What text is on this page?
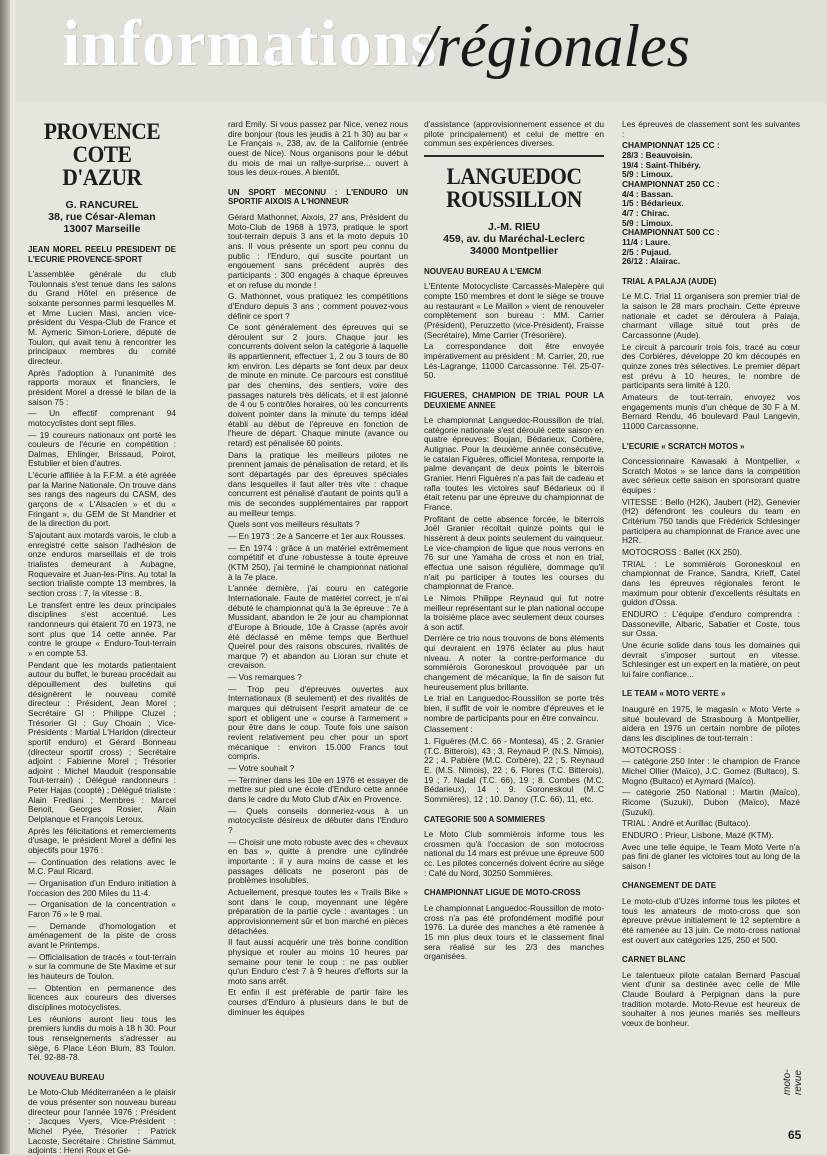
informations
/régionales
PROVENCE
COTE D'AZUR
G. RANCUREL
38, rue César-Aleman
13007 Marseille
JEAN MOREL REELU PRESIDENT DE L'ECURIE PROVENCE-SPORT

L'assemblée générale du club Toulonnais s'est tenue dans les salons du Grand Hôtel en présence de soixante personnes parmi lesquelles M. et Mme Lucien Masi, ancien vice-président du Vespa-Club de France et M. Aymeric Simon-Loriere, député de Toulon, qui avait tenu à rencontrer les principaux membres du comité directeur.

Après l'adoption à l'unanimité des rapports moraux et financiers, le président Morel a dressé le bilan de la saison 75 :

— Un effectif comprenant 94 motocyclistes dont sept filles.

— 19 coureurs nationaux ont porté les couleurs de l'écurie en compétition : Dalmas, Ehlinger, Brissaud, Poirot, Estublier et bien d'autres.

L'écurie affiliée à la F.F.M. a été agréée par la Marine Nationale. On trouve dans ses rangs des nageurs du CASM, des garçons de « L'Alsacien » et du « Fringant », du GEM de St Mandrier et de la direction du port.

S'ajoutant aux motards varois, le club a enregistré cette saison l'adhésion de onze enduros marseillais et de trois trialistes demeurant à Aubagne, Roquevaire et Juan-les-Pins. Au total la section trialiste compte 13 membres, la section cross : 7, la vitesse : 8.

Le transfert entre les deux principales disciplines s'est accentué. Les randonneurs qui étaient 70 en 1973, ne sont plus que 14 cette année. Par contre le groupe « Enduro-Tout-terrain » en compte 53.

Pendant que les motards patientaient autour du buffet, le bureau procédait au dépouillement des bulletins qui désignèrent le nouveau comité directeur : Président, Jean Morel ; Secrétaire GI : Philippe Cluzel ; Trésorier GI : Guy Choain ; Vice-Présidents : Martial L'Haridon (directeur sportif enduro) et Gérard Bonneau (directeur sportif cross) ; Secrétaire adjoint : Fabienne Morel ; Trésorier adjoint : Michel Mauduit (responsable Tout-terrain) ; Délégué randonneurs : Peter Hajas (coopté) ; Délégué trialiste : Alain Fredlani ; Membres : Marcel Benoit, Georges Rosier, Alain Delplanque et François Leroux.

Après les félicitations et remerciements d'usage, le président Morel a défini les objectifs pour 1976 :

— Continuation des relations avec le M.C. Paul Ricard.

— Organisation d'un Enduro initiation à l'occasion des 200 Miles du 11-4.

— Organisation de la concentration « Faron 76 » le 9 mai.

— Demande d'homologation et aménagement de la piste de cross avant le Printemps.

— Officialisation de tracés « tout-terrain » sur la commune de Ste Maxime et sur les hauteurs de Toulon.

— Obtention en permanence des licences aux coureurs des diverses disciplines motocyclistes.

Les réunions auront lieu tous les premiers lundis du mois à 18 h 30. Pour tous renseignements s'adresser au siège, 6 Place Léon Blum, 83 Toulon. Tél. 92-88-78.

NOUVEAU BUREAU

Le Moto-Club Méditerranéen a le plaisir de vous présenter son nouveau bureau directeur pour l'année 1976 : Président : Jacques Vyers, Vice-Président : Michel Pyée, Trésorier : Patrick Lacoste, Secrétaire : Christine Sammut, adjoints : Henri Roux et Gé-

rard Emily. Si vous passez par Nice, venez nous dire bonjour (tous les jeudis à 21 h 30) au bar « Le Français », 238, av. de la Californie (entrée ouest de Nice). Nous organisons pour le début du mois de mai un rallye-surprise... ouvert à tous les deux-roues. A bientôt.

UN SPORT MECONNU : L'ENDURO UN SPORTIF AIXOIS A L'HONNEUR

Gérard Mathonnet, Aixois, 27 ans, Président du Moto-Club de 1968 à 1973, pratique le sport tout-terrain depuis 3 ans et la moto depuis 10 ans. Il vous présente un sport peu connu du public : l'Enduro, qui suscite pourtant un engouement sans précédent auprès des participants : 300 engagés à chaque épreuves et on refuse du monde !

G. Mathonnet, vous pratiquez les compétitions d'Enduro depuis 3 ans ; comment pouvez-vous définir ce sport ?

Ce sont généralement des épreuves qui se déroulent sur 2 jours. Chaque jour les concurrents doivent selon la catégorie à laquelle ils appartiennent, effectuer 1, 2 ou 3 tours de 80 km environ. Les départs se font deux par deux de minute en minute. Ce parcours est constitué par des chemins, des sentiers, voire des passages naturels très délicats, et il est jalonné de 4 ou 5 contrôles horaires, où les concurrents doivent pointer dans la minute du temps idéal établi au début de l'épreuve en fonction de l'heure de départ. Chaque minute (avance ou retard) est pénalisée 60 points.

Dans la pratique les meilleurs pilotes ne prennent jamais de pénalisation de retard, et ils sont départagés par des épreuves spéciales dans lesquelles il faut aller très vite : chaque concurrent est pénalisé d'autant de points qu'il a mis de secondes supplémentaires par rapport au meilleur temps.

Quels sont vos meilleurs résultats ?

— En 1973 : 2e à Sancerre et 1er aux Rousses.

— En 1974 : grâce à un matériel extrêmement compétitif et d'une robustesse à toute épreuve (KTM 250), j'ai terminé le championnat national à la 7e place.

L'année dernière, j'ai couru en catégorie Internationale. Faute de matériel correct, je n'ai débuté le championnat qu'à la 3e épreuve : 7e à Mussidant, abandon le 2e jour au championnat d'Europe à Brioude, 10e à Crasse (après avoir été déclassé en même temps que Berthuel Queirel pour des raisons obscures, rivalités de marque ?) et abandon au Lioran sur chute et crevaison.

— Vos remarques ?

— Trop peu d'épreuves ouvertes aux Internationaux (8 seulement) et des rivalités de marques qui détruisent l'esprit amateur de ce sport et obligent une « course à l'armement » pour être dans le coup. Toute fois une saison revient relativement peu cher pour un sport mécanique : environ 15.000 Francs tout compris.

— Votre souhait ?

— Terminer dans les 10e en 1976 et essayer de mettre sur pied une école d'Enduro cette année dans le cadre du Moto Club d'Aix en Provence.

— Quels conseils donneriez-vous à un motocycliste désireux de débuter dans l'Enduro ?

— Choisir une moto robuste avec des « chevaux en bas », quitte à prendre une cylindrée importante : il y aura moins de casse et les passages délicats ne poseront pas de problèmes insolubles.

Actuellement, presque toutes les « Trails Bike » sont dans le coup, moyennant une légère préparation de la partie cycle : avantages : un approvisionnement sûr et bon marché en pièces détachées.

Il faut aussi acquérir une très bonne condition physique et rouler au moins 10 heures par semaine pour tenir le coup : ne pas oublier qu'un Enduro c'est 7 à 9 heures d'efforts sur la moto sans arrêt.

Et enfin il est préférable de partir faire les courses d'Enduro à plusieurs dans le but de diminuer les équipes

d'assistance (approvisionnement essence et du pilote principalement) et celui de mettre en commun ses expériences diverses.

LANGUEDOC
ROUSSILLON
J.-M. RIEU
459, av. du Maréchal-Leclerc
34000 Montpellier
NOUVEAU BUREAU A L'EMCM

L'Entente Motocycliste Carcassès-Malepère qui compte 150 membres et dont le siège se trouve au restaurant « Le Maillon » vient de renouveler complètement son bureau : MM. Carrier (Président), Peruzzetto (vice-Président), Fraisse (Secrétaire), Mme Carrier (Trésorière).

La correspondance doit être envoyée impérativement au président : M. Carrier, 20, rue Lés-Lagrange, 11000 Carcassonne. Tél. 25-07-50.

FIGUERES, CHAMPION DE TRIAL POUR LA DEUXIEME ANNEE

Le championnat Languedoc-Roussillon de trial, catégorie nationale s'est déroulé cette saison en quatre épreuves: Boujan, Bédarieux, Corbère, Autignac. Pour la deuxième année consécutive, le catalan Figuères, officiel Montesa, remporte la palme devançant de deux points le biterrois Granier. Henri Figuères n'a pas fait de cadeau et rafla toutes les victoires sauf Bédarieux où il était retenu par une épreuve du championnat de France.

Profitant de cette absence forcée, le biterrois Joël Granier récoltait quinze points qui le hissèrent à deux points seulement du vainqueur. Le vice-champion de ligue que nous verrons en 76 sur une Yamaha de cross et non en trial, effectua une saison régulière, dommage qu'il n'ait pu participer à toutes les courses du championnat de France.

Le Nimois Philippe Reynaud qui fut notre meilleur représentant sur le plan national occupe la troisième place avec seulement deux courses à son actif.

Derrière ce trio nous trouvons de bons éléments qui devraient en 1976 éclater au plus haut niveau. A noter la contre-performance du sommiérois Goroneskoul provoquée par un changement de mécanique, la fin de saison fut heureusement plus brillante.

Le trial en Languedoc-Roussillon se porte très bien, il suffit de voir le nombre d'épreuves et le nombre de participants pour en être convaincu.

Classement :

1. Figuères (M.C. 66 - Montesa), 45 ; 2. Granier (T.C. Bitterois), 43 ; 3. Reynaud P. (N.S. Nimois), 22 ; 4. Pabière (M.C. Corbère), 22 ; 5. Reynaud E. (M.S. Nimois), 22 ; 6. Flores (T.C. Bitterois), 19 ; 7. Nadal (T.C. 66), 19 ; 8. Combes (M.C. Bédarieux), 14 ; 9. Goroneskoul (M..C Sommières), 12 ; 10. Danoy (T.C. 66), 11, etc.

CATEGORIE 500 A SOMMIERES

Le Moto Club sommièrois informe tous les crossmen qu'à l'occasion de son motocross national du 14 mars est prévue une épreuve 500 cc. Les pilotes concernés doivent écrire au siège : Café du Nord, 30250 Sommières.

CHAMPIONNAT LIGUE DE MOTO-CROSS

Le championnat Languedoc-Roussillon de moto-cross n'a pas été profondément modifié pour 1976. La durée des manches a été ramenée à 15 mn plus deux tours et le classement final sera réalisé sur les 2/3 des manches organisées.

Les épreuves de classement sont les suivantes :

CHAMPIONNAT 125 CC :
28/3 : Beauvoisin.
19/4 : Saint-Thibéry.
5/9 : Limoux.
CHAMPIONNAT 250 CC :
4/4 : Bassan.
1/5 : Bédarieux.
4/7 : Chirac.
5/9 : Limoux.
CHAMPIONNAT 500 CC :
11/4 : Laure.
2/5 : Pujaud.
26/12 : Alairac.
TRIAL A PALAJA (AUDE)

Le M.C. Trial 11 organisera son premier trial de la saison le 28 mars prochain. Cette épreuve nationale et cadet se déroulera à Palaja, charmant village situé tout près de Carcassonne (Aude).

Le circuit à parcourir trois fois, tracé au cœur des Corbières, développe 20 km découpés en quinze zones très sélectives. Le premier départ est prévu à 10 heures, le nombre de participants sera limité à 120.

Amateurs de tout-terrain, envoyez vos engagements munis d'un chèque de 30 F à M. Bernard Rendu, 46 boulevard Paul Langevin, 11000 Carcassonne.

L'ECURIE « SCRATCH MOTOS »

Concessionnaire Kawasaki à Montpellier, « Scratch Motos » se lance dans la compétition avec sérieux cette saison en sponsorant quatre équipes :

VITESSE : Bello (H2K), Jaubert (H2), Genevier (H2) défendront les couleurs du team en Critérium 750 tandis que Frédérick Schlesinger participera au championnat de France avec une H2R.

MOTOCROSS : Ballet (KX 250).

TRIAL : Le sommièrois Goroneskoul en championnat de France, Sandra, Krieff, Catel dans les épreuves régionales feront le maximum pour obtenir d'excellents résultats en guidon d'Ossa.

ENDURO : L'équipe d'enduro comprendra : Dassoneville, Albaric, Sabatier et Coste, tous sur Ossa.

Une écurie solide dans tous les domaines qui devrait s'imposer surtout en vitesse. Schlesinger est un expert en la matière, on peut lui faire confiance...

LE TEAM « MOTO VERTE »

Inauguré en 1975, le magasin « Moto Verte » situé boulevard de Strasbourg à Montpellier, aidera en 1976 un certain nombre de pilotes dans les disciplines de tout-terrain :

MOTOCROSS :

— catégorie 250 Inter : le champion de France Michel Ollier (Maïco), J.C. Gomez (Bultaco), S. Mogno (Bultaco) et Aymard (Maïco).

— catégorie 250 National : Martin (Maïco), Ricome (Suzuki), Dubon (Maïco), Mazé (Suzuki).

TRIAL : André et Aurillac (Bultaco).

ENDURO : Prieur, Lisbone, Mazé (KTM).

Avec une telle équipe, le Team Moto Verte n'a pas fini de glaner les victoires tout au long de la saison !

CHANGEMENT DE DATE

Le moto-club d'Uzès informe tous les pilotes et tous les amateurs de moto-cross que son épreuve prévue initialement le 12 septembre a été ramenée au 13 juin. Ce moto-cross national est ouvert aux catégories 125, 250 et 500.

CARNET BLANC

Le talentueux pilote catalan Bernard Pascual vient d'unir sa destinée avec celle de Mlle Claude Boulard à Perpignan dans la pure tradition motarde. Moto-Revue est heureux de souhaiter à nos jeunes mariés ses meilleurs vœux de bonheur.

moto-revue
65
